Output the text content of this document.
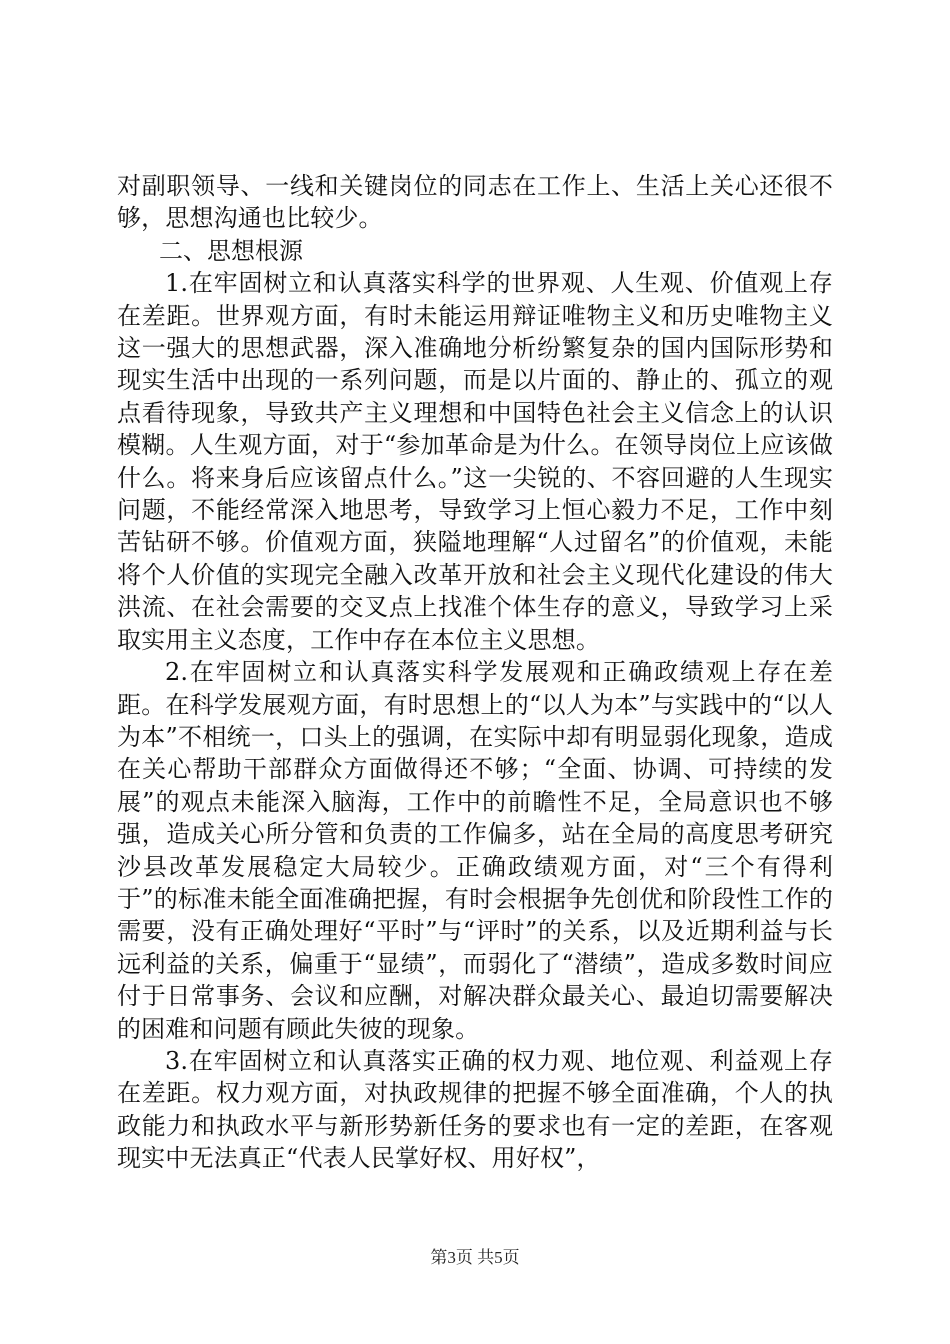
对副职领导、一线和关键岗位的同志在工作上、生活上关心还很不够，思想沟通也比较少。

二、思想根源

1.在牢固树立和认真落实科学的世界观、人生观、价值观上存在差距。世界观方面，有时未能运用辩证唯物主义和历史唯物主义这一强大的思想武器，深入准确地分析纷繁复杂的国内国际形势和现实生活中出现的一系列问题，而是以片面的、静止的、孤立的观点看待现象，导致共产主义理想和中国特色社会主义信念上的认识模糊。人生观方面，对于“参加革命是为什么。在领导岗位上应该做什么。将来身后应该留点什么。”这一尖锐的、不容回避的人生现实问题，不能经常深入地思考，导致学习上恒心毅力不足，工作中刻苦钻研不够。价值观方面，狭隘地理解“人过留名”的价值观，未能将个人价值的实现完全融入改革开放和社会主义现代化建设的伟大洪流、在社会需要的交叉点上找准个体生存的意义，导致学习上采取实用主义态度，工作中存在本位主义思想。

2.在牢固树立和认真落实科学发展观和正确政绩观上存在差距。在科学发展观方面，有时思想上的“以人为本”与实践中的“以人为本”不相统一，口头上的强调，在实际中却有明显弱化现象，造成在关心帮助干部群众方面做得还不够；“全面、协调、可持续的发展”的观点未能深入脑海，工作中的前瞻性不足，全局意识也不够强，造成关心所分管和负责的工作偏多，站在全局的高度思考研究沙县改革发展稳定大局较少。正确政绩观方面，对“三个有得利于”的标准未能全面准确把握，有时会根据争先创优和阶段性工作的需要，没有正确处理好“平时”与“评时”的关系，以及近期利益与长远利益的关系，偏重于“显绩”，而弱化了“潜绩”，造成多数时间应付于日常事务、会议和应酬，对解决群众最关心、最迫切需要解决的困难和问题有顾此失彼的现象。

3.在牢固树立和认真落实正确的权力观、地位观、利益观上存在差距。权力观方面，对执政规律的把握不够全面准确，个人的执政能力和执政水平与新形势新任务的要求也有一定的差距，在客观现实中无法真正“代表人民掌好权、用好权”，

第3页 共5页
